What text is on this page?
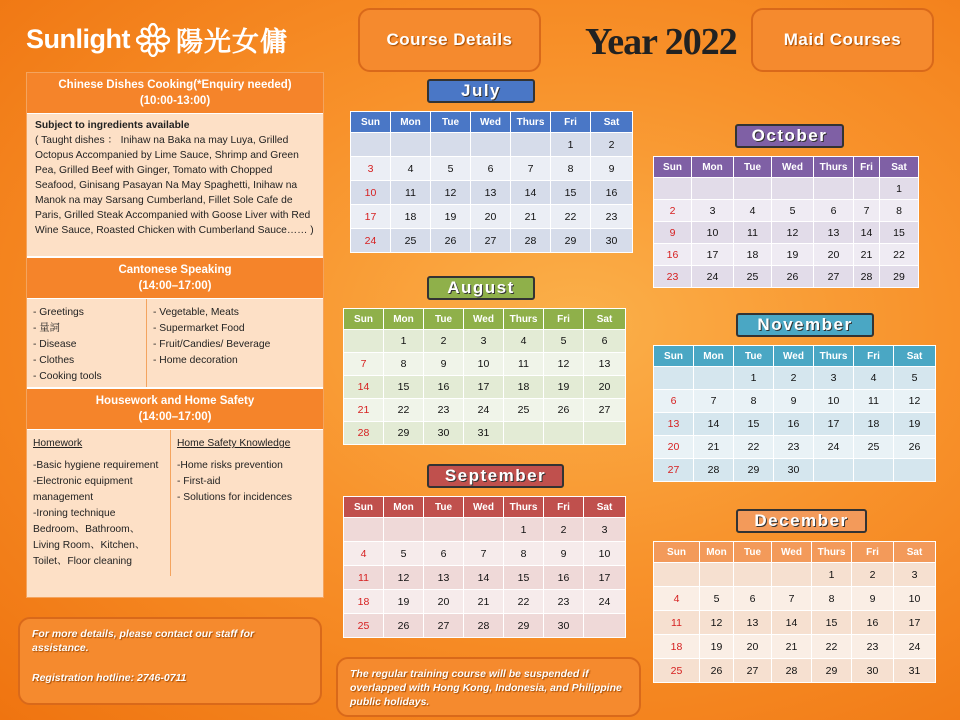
Sunlight 陽光女傭	Course Details	Year 2022	Maid Courses
Chinese Dishes Cooking(*Enquiry needed)
(10:00-13:00)
Subject to ingredients available
( Taught dishes ： Inihaw na Baka na may Luya, Grilled Octopus Accompanied by Lime Sauce, Shrimp and Green Pea, Grilled Beef with Ginger, Tomato with Chopped Seafood, Ginisang Pasayan Na May Spaghetti, Inihaw na Manok na may Sarsang Cumberland, Fillet Sole Cafe de Paris, Grilled Steak Accompanied with Goose Liver with Red Wine Sauce, Roasted Chicken with Cumberland Sauce…… )
Cantonese Speaking
(14:00–17:00)
- Greetings
- 量詞
- Disease
- Clothes
- Cooking tools
- Vegetable, Meats
- Supermarket Food
- Fruit/Candies/ Beverage
- Home decoration
Housework and Home Safety
(14:00–17:00)
Homework
-Basic hygiene requirement
-Electronic equipment management
-Ironing technique
Bedroom、Bathroom、Living Room、Kitchen、Toilet、Floor cleaning
Home Safety Knowledge
-Home risks prevention
- First-aid
- Solutions for incidences
For more details, please contact our staff for assistance.
Registration hotline: 2746-0711	The regular training course will be suspended if overlapped with Hong Kong, Indonesia, and Philippine public holidays.
July
Sun	Mon	Tue	Wed	Thurs	Fri	Sat
					1	2
3	4	5	6	7	8	9
10	11	12	13	14	15	16
17	18	19	20	21	22	23
24	25	26	27	28	29	30
August
Sun	Mon	Tue	Wed	Thurs	Fri	Sat
	1	2	3	4	5	6
7	8	9	10	11	12	13
14	15	16	17	18	19	20
21	22	23	24	25	26	27
28	29	30	31			
September
Sun	Mon	Tue	Wed	Thurs	Fri	Sat
				1	2	3
4	5	6	7	8	9	10
11	12	13	14	15	16	17
18	19	20	21	22	23	24
25	26	27	28	29	30	
October
Sun	Mon	Tue	Wed	Thurs	Fri	Sat
						1
2	3	4	5	6	7	8
9	10	11	12	13	14	15
16	17	18	19	20	21	22
23	24	25	26	27	28	29
November
Sun	Mon	Tue	Wed	Thurs	Fri	Sat
		1	2	3	4	5
6	7	8	9	10	11	12
13	14	15	16	17	18	19
20	21	22	23	24	25	26
27	28	29	30			
December
Sun	Mon	Tue	Wed	Thurs	Fri	Sat
				1	2	3
4	5	6	7	8	9	10
11	12	13	14	15	16	17
18	19	20	21	22	23	24
25	26	27	28	29	30	31
